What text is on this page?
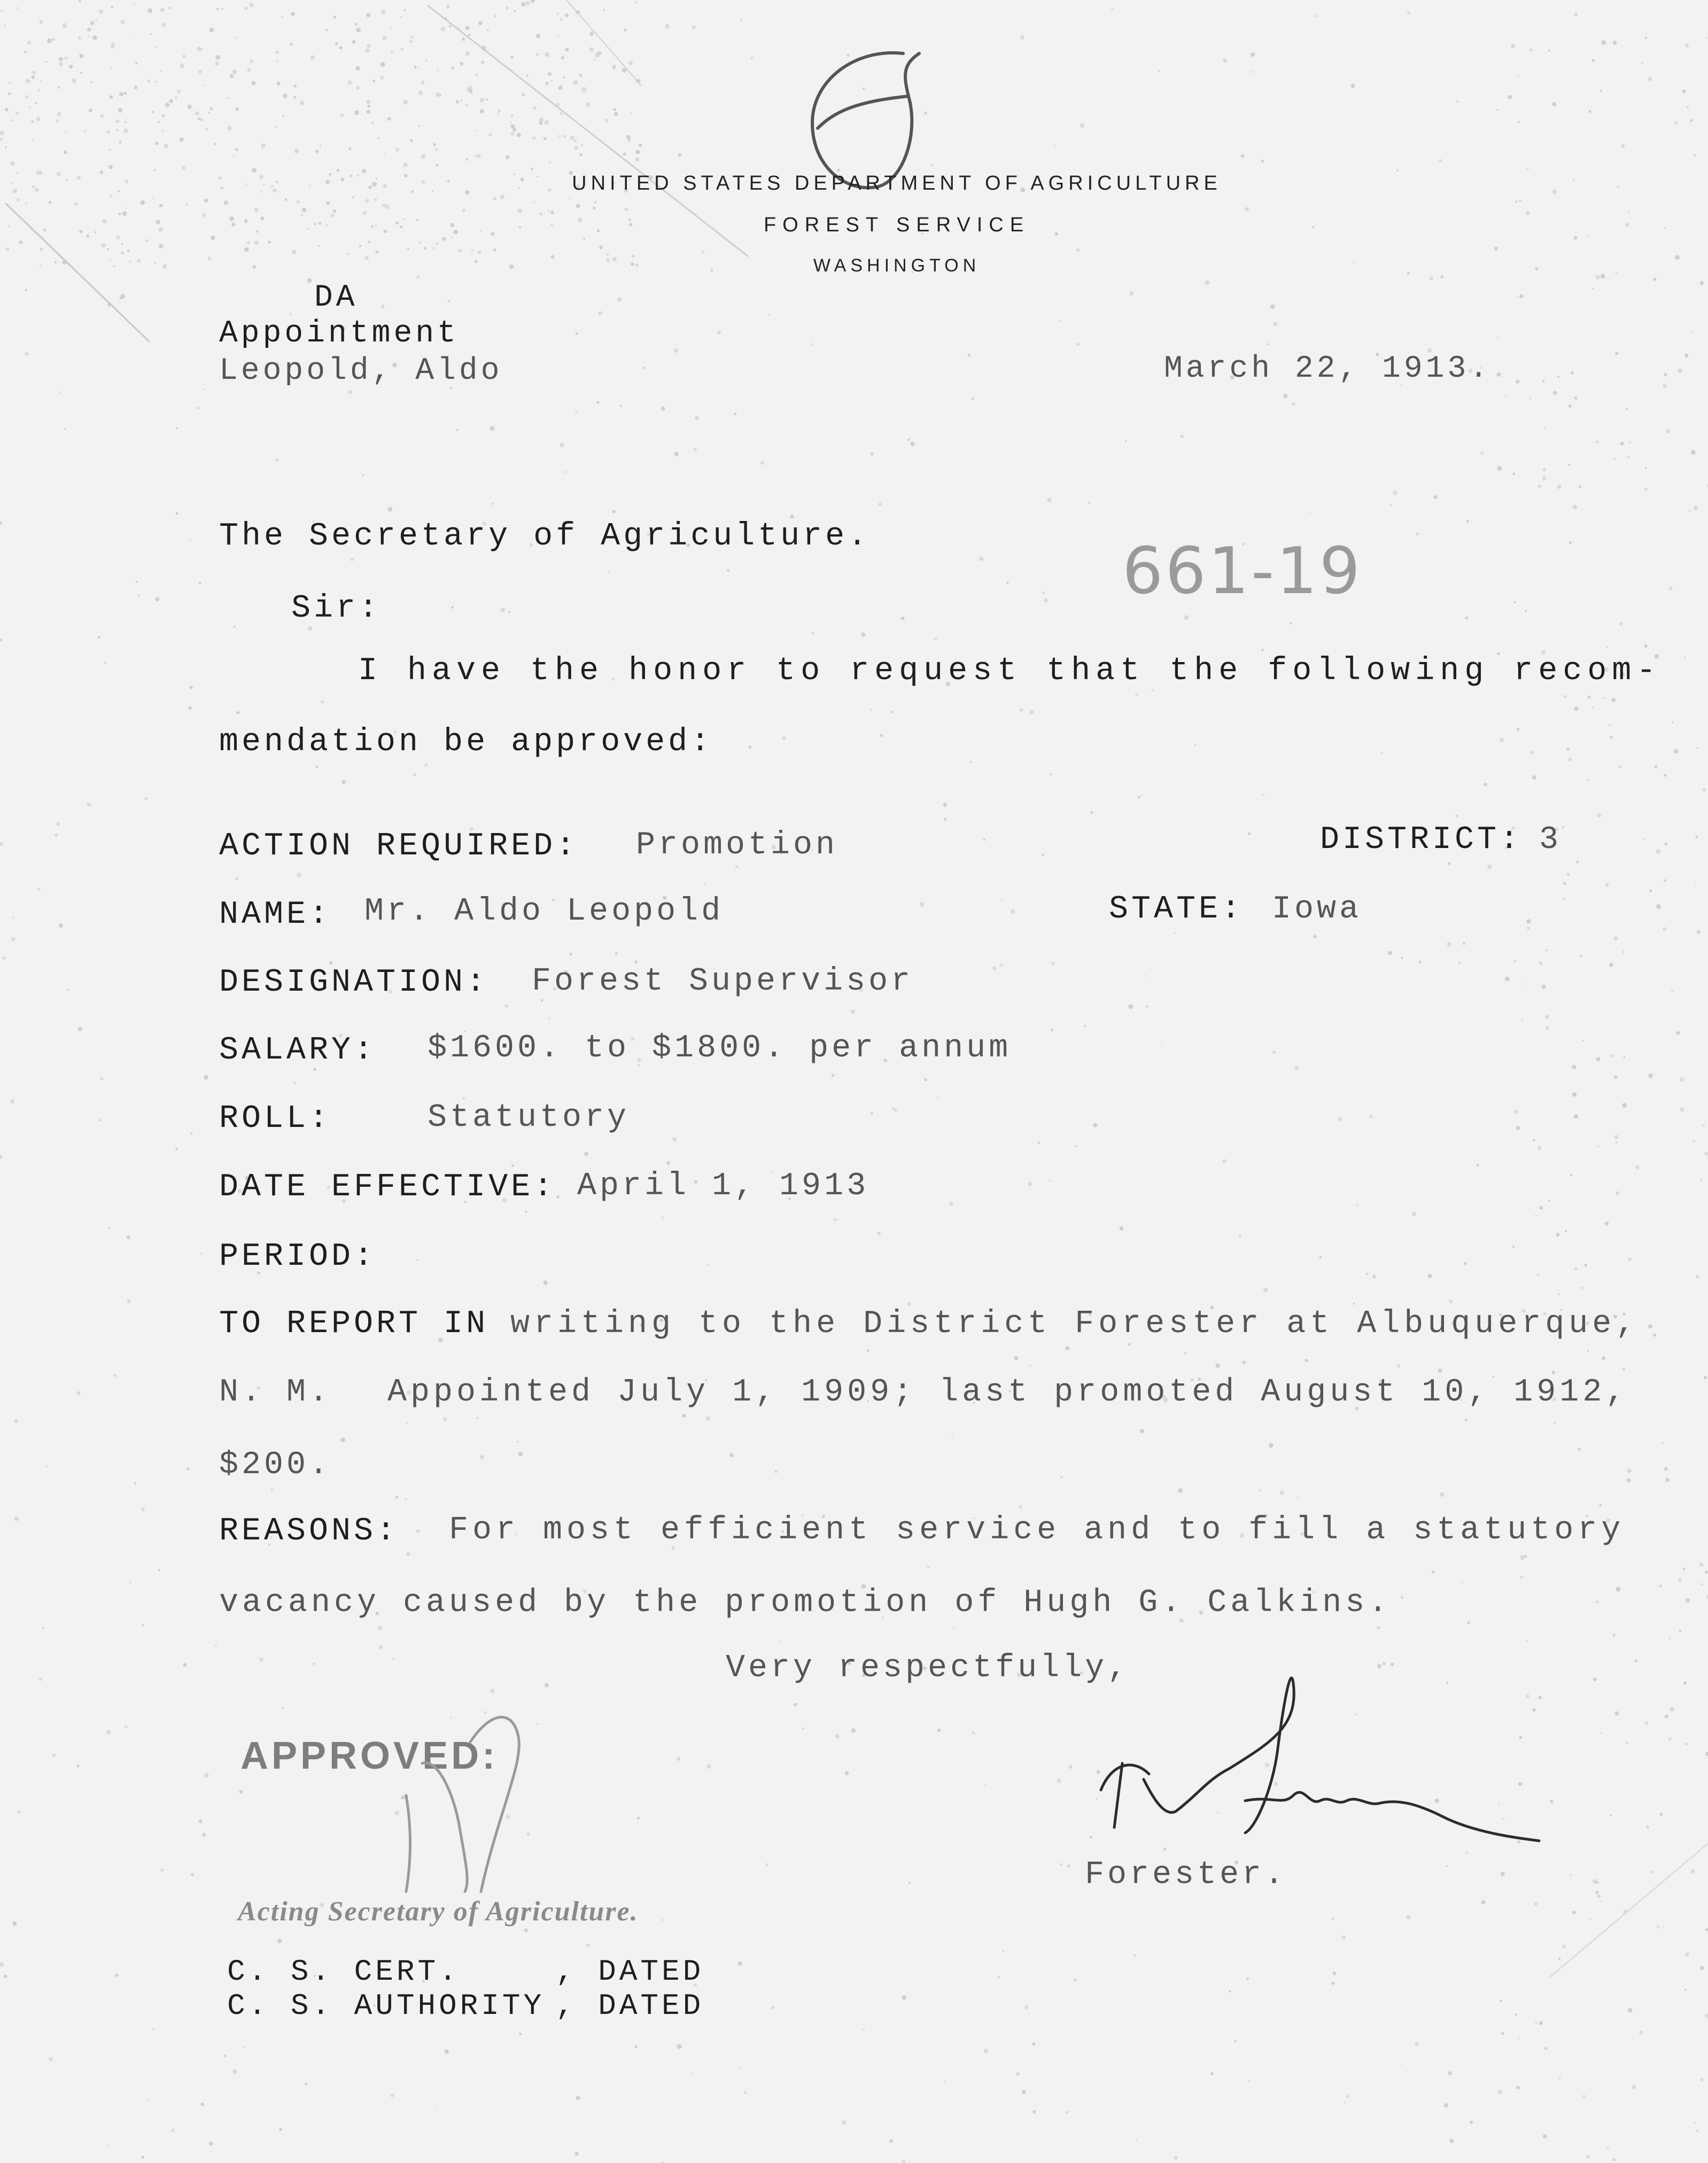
UNITED STATES DEPARTMENT OF AGRICULTURE
FOREST SERVICE
WASHINGTON
DA
Appointment
Leopold, Aldo	March 22, 1913.
The Secretary of Agriculture.	661-19
Sir:
I have the honor to request that the following recom-
mendation be approved:
ACTION REQUIRED: Promotion	DISTRICT: 3
NAME: Mr. Aldo Leopold	STATE: Iowa
DESIGNATION: Forest Supervisor
SALARY: $1600. to $1800. per annum
ROLL:	Statutory
DATE EFFECTIVE: April 1, 1913
PERIOD:
TO REPORT IN writing to the District Forester at Albuquerque,
N. M. Appointed July 1, 1909; last promoted August 10, 1912,
$200.
REASONS: For most efficient service and to fill a statutory
vacancy caused by the promotion of Hugh G. Calkins.
Very respectfully,
Forester.
APPROVED:
Acting Secretary of Agriculture.
C. S. CERT.	, DATED
C. S. AUTHORITY , DATED
